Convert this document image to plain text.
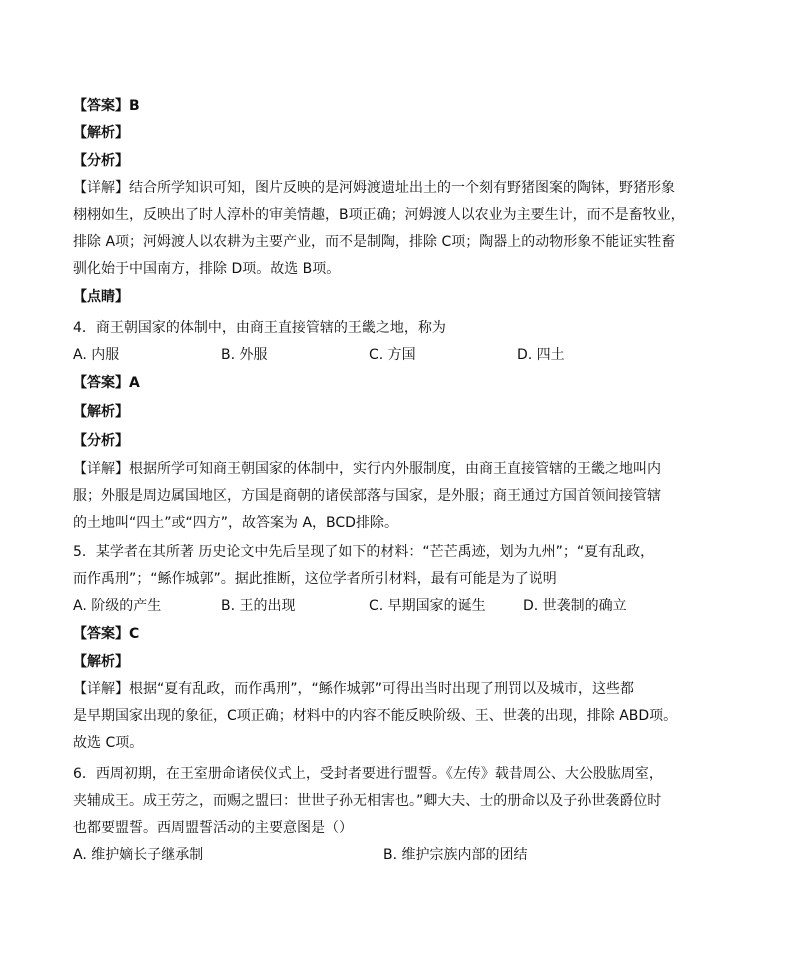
【答案】B
【解析】
【分析】
【详解】结合所学知识可知，图片反映的是河姆渡遗址出土的一个刻有野猪图案的陶钵，野猪形象
栩栩如生，反映出了时人淳朴的审美情趣，B项正确；河姆渡人以农业为主要生计，而不是畜牧业，
排除 A项；河姆渡人以农耕为主要产业，而不是制陶，排除 C项；陶器上的动物形象不能证实牲畜
驯化始于中国南方，排除 D项。故选 B项。
【点睛】
4．商王朝国家的体制中，由商王直接管辖的王畿之地，称为
A. 内服	B. 外服	C. 方国	D. 四土
【答案】A
【解析】
【分析】
【详解】根据所学可知商王朝国家的体制中，实行内外服制度，由商王直接管辖的王畿之地叫内
服；外服是周边属国地区，方国是商朝的诸侯部落与国家，是外服；商王通过方国首领间接管辖
的土地叫“四土”或“四方”，故答案为 A，BCD排除。
5．某学者在其所著 历史论文中先后呈现了如下的材料：“芒芒禹迹，划为九州”；“夏有乱政，
而作禹刑”；“鲧作城郭”。据此推断，这位学者所引材料，最有可能是为了说明
A. 阶级的产生	B. 王的出现	C. 早期国家的诞生	D. 世袭制的确立
【答案】C
【解析】
【详解】根据“夏有乱政，而作禹刑”，“鲧作城郭”可得出当时出现了刑罚以及城市，这些都
是早期国家出现的象征，C项正确；材料中的内容不能反映阶级、王、世袭的出现，排除 ABD项。
故选 C项。
6．西周初期，在王室册命诸侯仪式上，受封者要进行盟誓。《左传》载昔周公、大公股肱周室，
夹辅成王。成王劳之，而赐之盟曰：世世子孙无相害也。”卿大夫、士的册命以及子孙世袭爵位时
也都要盟誓。西周盟誓活动的主要意图是（）
A. 维护嫡长子继承制	B. 维护宗族内部的团结
